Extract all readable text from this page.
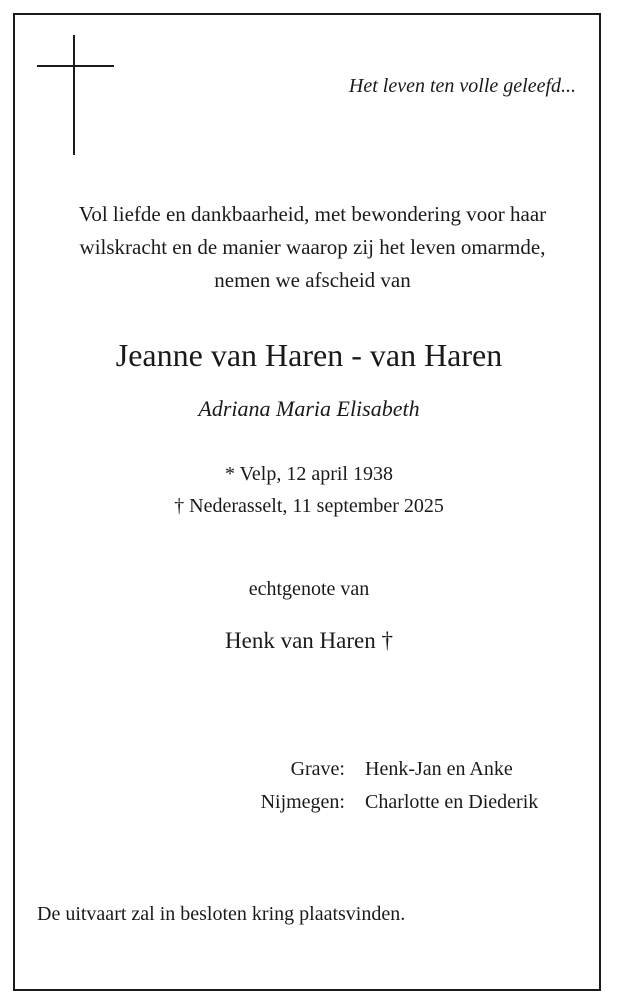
Het leven ten volle geleefd...
Vol liefde en dankbaarheid, met bewondering voor haar
wilskracht en de manier waarop zij het leven omarmde,
nemen we afscheid van
Jeanne van Haren - van Haren
Adriana Maria Elisabeth
* Velp, 12 april 1938
† Nederasselt, 11 september 2025
echtgenote van
Henk van Haren †
Grave: Henk-Jan en Anke
Nijmegen: Charlotte en Diederik
De uitvaart zal in besloten kring plaatsvinden.
